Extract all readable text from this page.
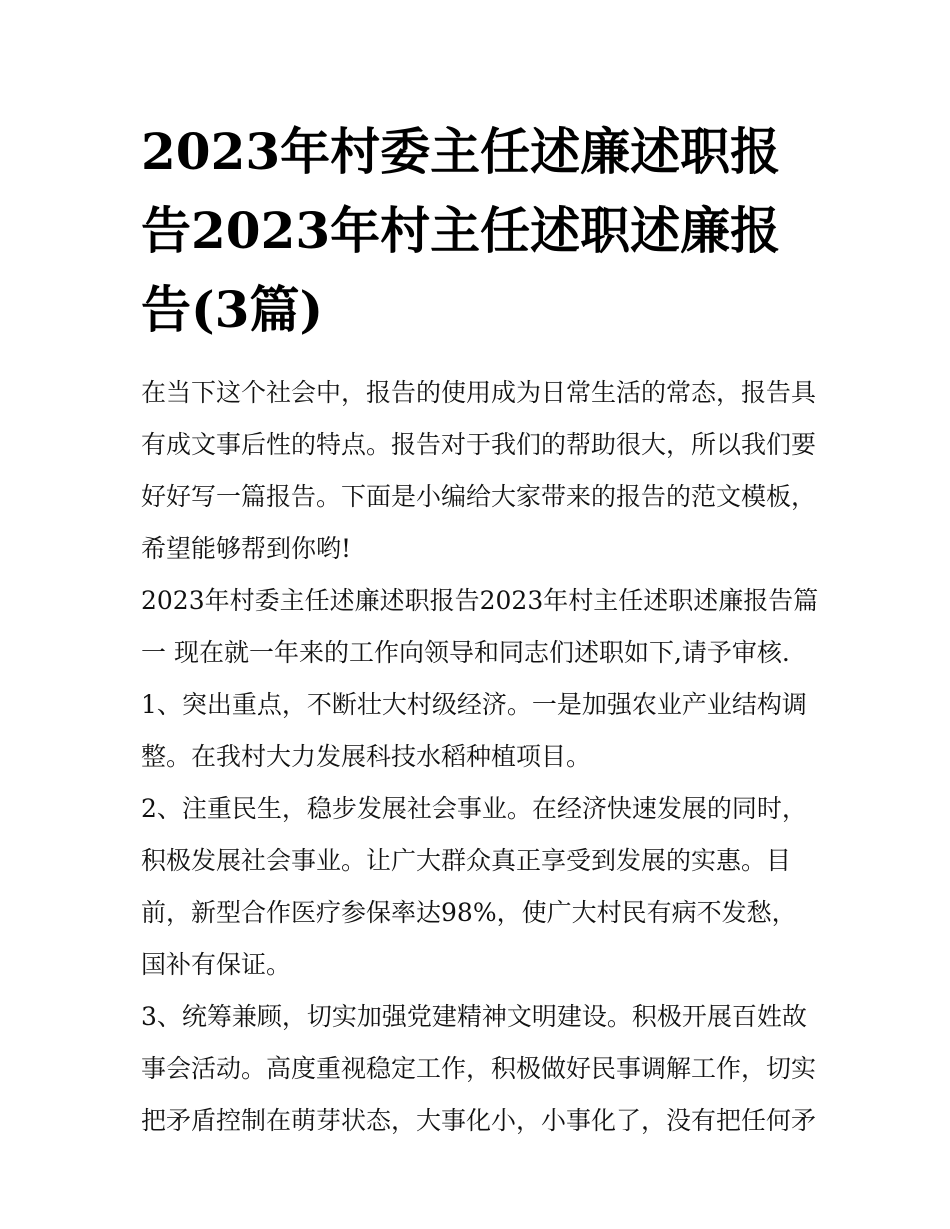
2023年村委主任述廉述职报告2023年村主任述职述廉报告(3篇)

在当下这个社会中，报告的使用成为日常生活的常态，报告具有成文事后性的特点。报告对于我们的帮助很大，所以我们要好好写一篇报告。下面是小编给大家带来的报告的范文模板，希望能够帮到你哟!

2023年村委主任述廉述职报告2023年村主任述职述廉报告篇一 现在就一年来的工作向领导和同志们述职如下,请予审核.

1、突出重点，不断壮大村级经济。一是加强农业产业结构调整。在我村大力发展科技水稻种植项目。

2、注重民生，稳步发展社会事业。在经济快速发展的同时，积极发展社会事业。让广大群众真正享受到发展的实惠。目前，新型合作医疗参保率达98%，使广大村民有病不发愁，国补有保证。

3、统筹兼顾，切实加强党建精神文明建设。积极开展百姓故事会活动。高度重视稳定工作，积极做好民事调解工作，切实把矛盾控制在萌芽状态，大事化小，小事化了，没有把任何矛
